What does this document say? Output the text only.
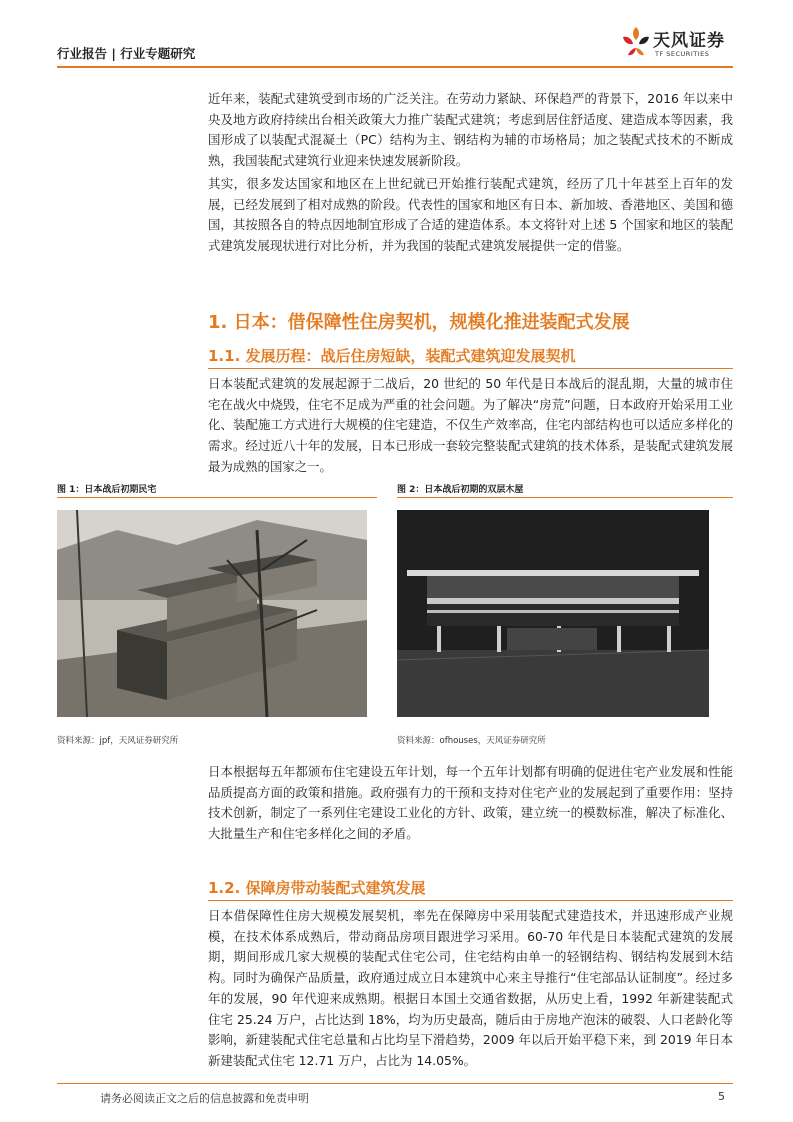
行业报告 | 行业专题研究
天风证券
TF SECURITIES

近年来，装配式建筑受到市场的广泛关注。在劳动力紧缺、环保趋严的背景下，2016 年以来中央及地方政府持续出台相关政策大力推广装配式建筑；考虑到居住舒适度、建造成本等因素，我国形成了以装配式混凝土（PC）结构为主、钢结构为辅的市场格局；加之装配式技术的不断成熟，我国装配式建筑行业迎来快速发展新阶段。

其实，很多发达国家和地区在上世纪就已开始推行装配式建筑，经历了几十年甚至上百年的发展，已经发展到了相对成熟的阶段。代表性的国家和地区有日本、新加坡、香港地区、美国和德国，其按照各自的特点因地制宜形成了合适的建造体系。本文将针对上述 5 个国家和地区的装配式建筑发展现状进行对比分析，并为我国的装配式建筑发展提供一定的借鉴。

1. 日本：借保障性住房契机，规模化推进装配式发展
1.1. 发展历程：战后住房短缺，装配式建筑迎发展契机

日本装配式建筑的发展起源于二战后，20 世纪的 50 年代是日本战后的混乱期，大量的城市住宅在战火中烧毁，住宅不足成为严重的社会问题。为了解决“房荒”问题，日本政府开始采用工业化、装配施工方式进行大规模的住宅建造，不仅生产效率高，住宅内部结构也可以适应多样化的需求。经过近八十年的发展，日本已形成一套较完整装配式建筑的技术体系，是装配式建筑发展最为成熟的国家之一。

图 1：日本战后初期民宅
资料来源：jpf，天风证券研究所
图 2：日本战后初期的双层木屋
资料来源：ofhouses，天风证券研究所

日本根据每五年都颁布住宅建设五年计划，每一个五年计划都有明确的促进住宅产业发展和性能品质提高方面的政策和措施。政府强有力的干预和支持对住宅产业的发展起到了重要作用：坚持技术创新，制定了一系列住宅建设工业化的方针、政策，建立统一的模数标准，解决了标准化、大批量生产和住宅多样化之间的矛盾。

1.2. 保障房带动装配式建筑发展

日本借保障性住房大规模发展契机，率先在保障房中采用装配式建造技术，并迅速形成产业规模，在技术体系成熟后，带动商品房项目跟进学习采用。60-70 年代是日本装配式建筑的发展期，期间形成几家大规模的装配式住宅公司，住宅结构由单一的轻钢结构、钢结构发展到木结构。同时为确保产品质量，政府通过成立日本建筑中心来主导推行“住宅部品认证制度”。经过多年的发展，90 年代迎来成熟期。根据日本国土交通省数据，从历史上看，1992 年新建装配式住宅 25.24 万户，占比达到 18%，均为历史最高，随后由于房地产泡沫的破裂、人口老龄化等影响，新建装配式住宅总量和占比均呈下滑趋势，2009 年以后开始平稳下来，到 2019 年日本新建装配式住宅 12.71 万户，占比为 14.05%。

请务必阅读正文之后的信息披露和免责申明	5
